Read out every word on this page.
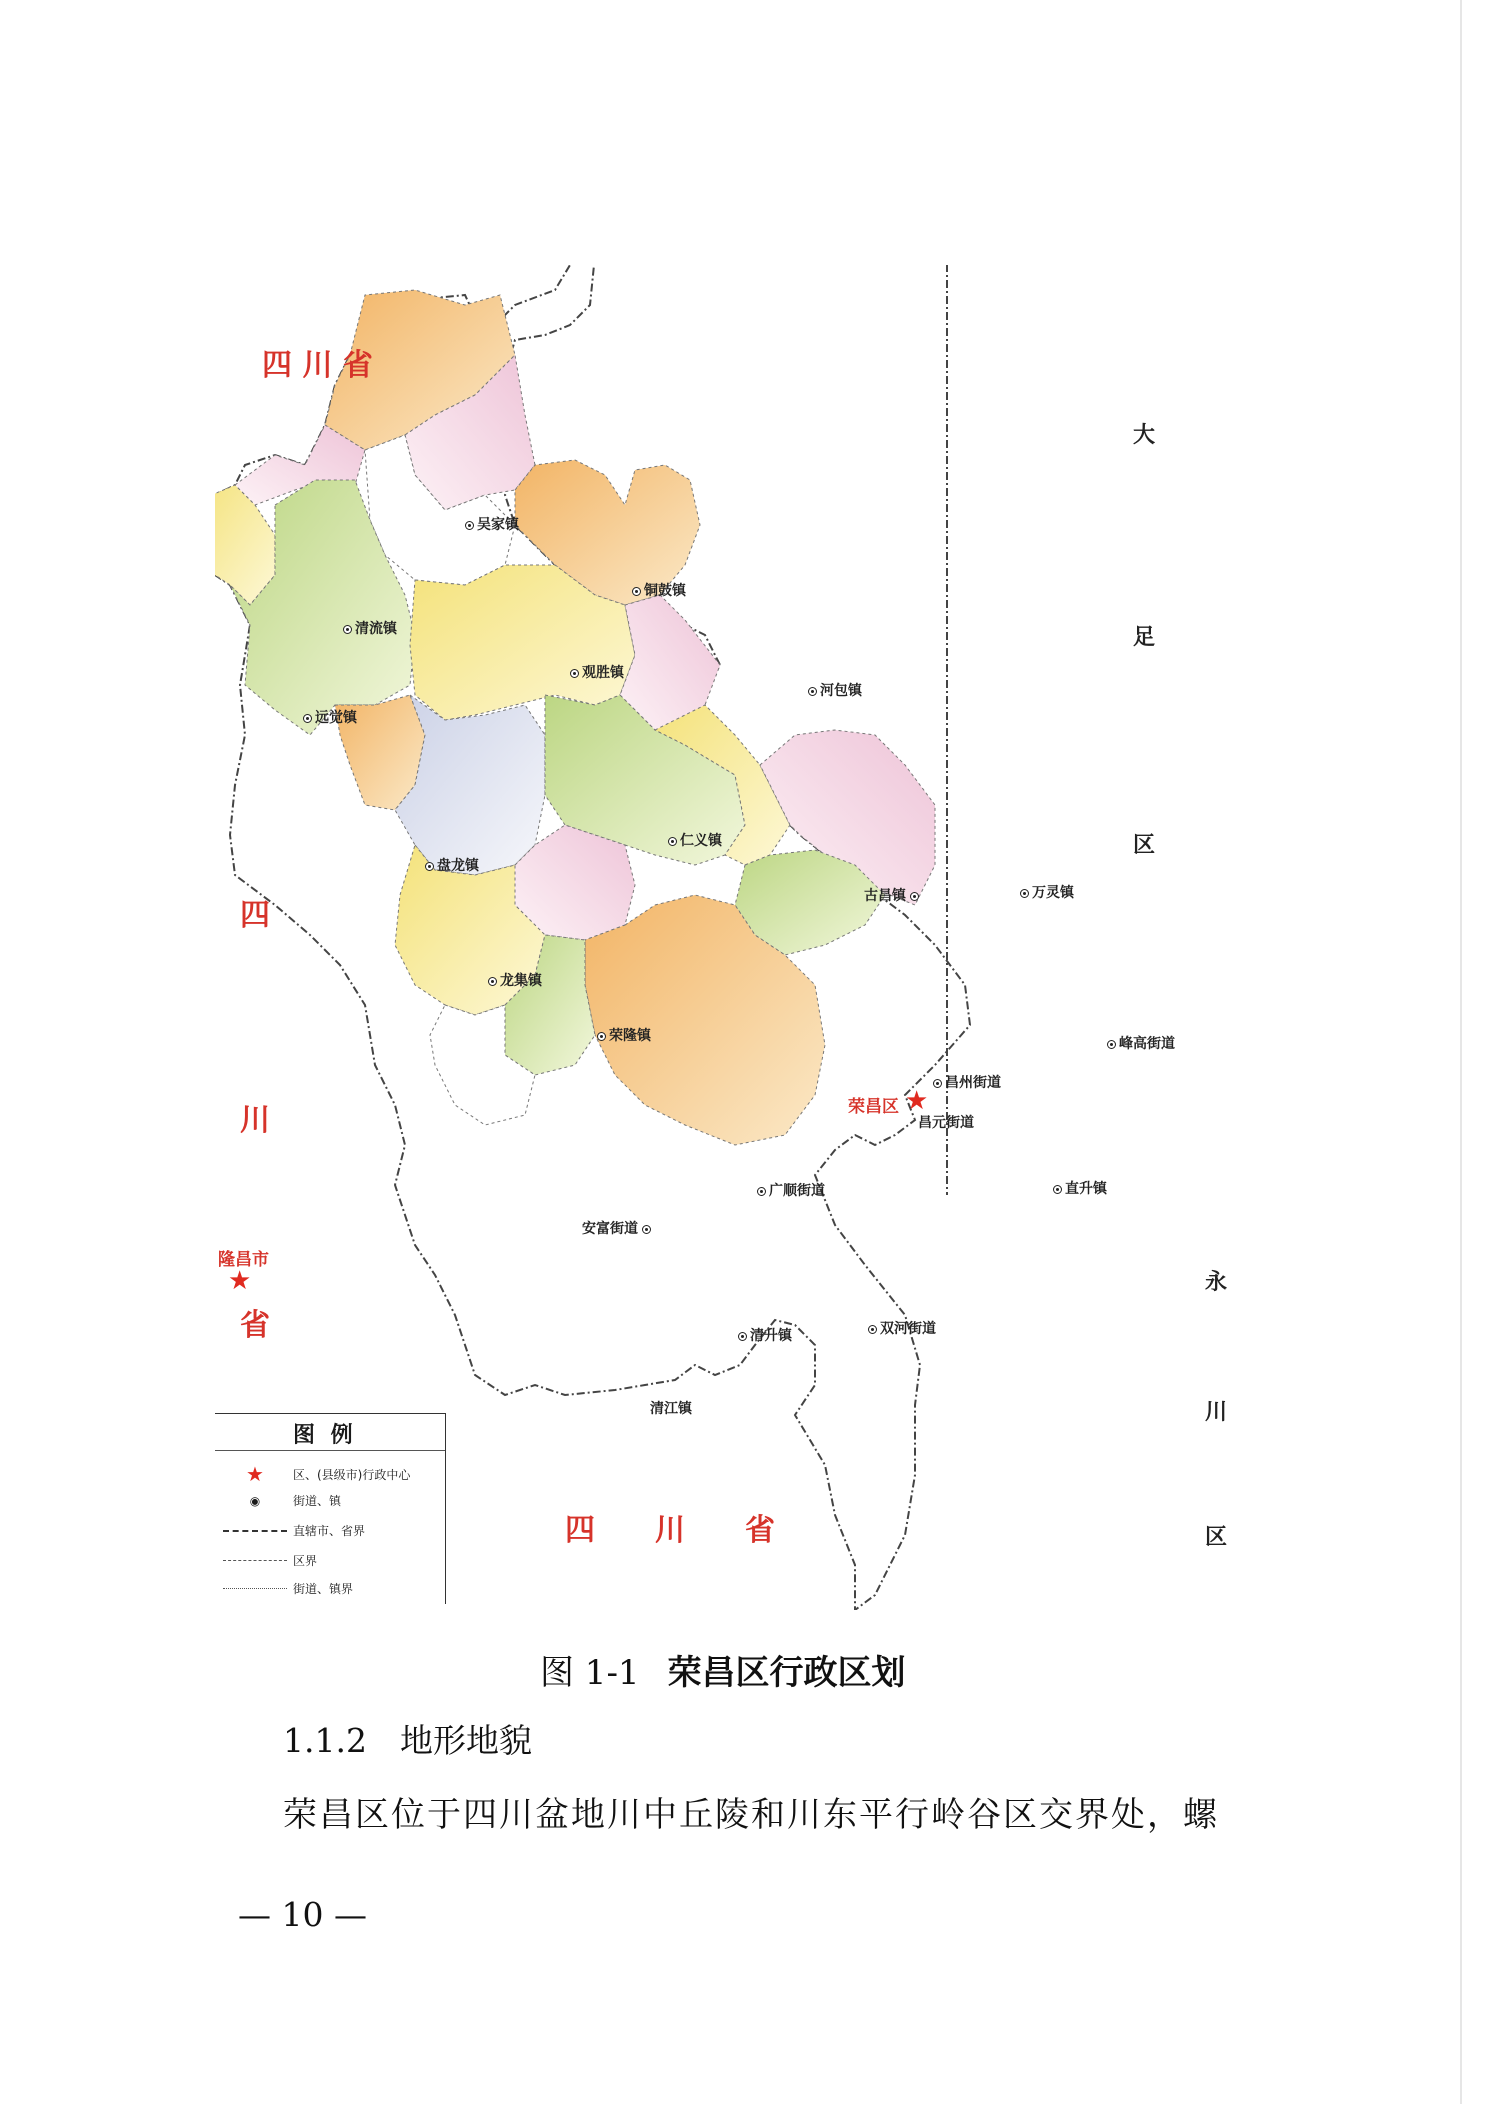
四 川 省
四
川
省
四　　川　　省
大
足
区
永
川
区
隆昌市
★
荣昌区 ★
吴家镇
铜鼓镇
清流镇
观胜镇
河包镇
远觉镇
盘龙镇
仁义镇
古昌镇	万灵镇
龙集镇
荣隆镇	峰高街道
昌州街道
昌元街道
广顺街道	直升镇
安富街道
双河街道
清升镇
清江镇
图 例
★	区、(县级市)行政中心
◉	街道、镇
直辖市、省界
区界
街道、镇界
图 1-1 荣昌区行政区划
1.1.2　地形地貌
荣昌区位于四川盆地川中丘陵和川东平行岭谷区交界处，螺
— 10 —
